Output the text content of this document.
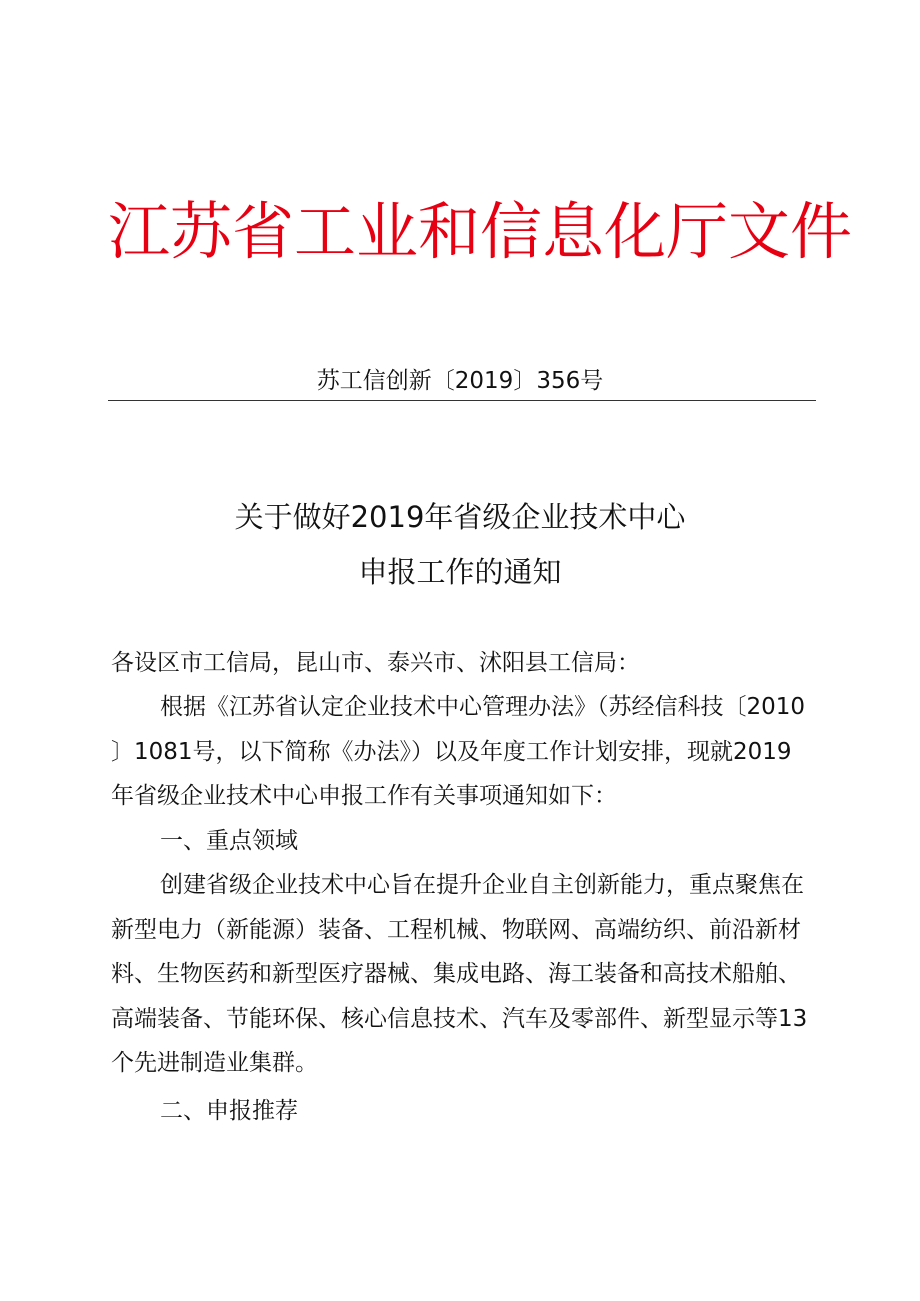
江苏省工业和信息化厅文件
苏工信创新〔2019〕356号
关于做好2019年省级企业技术中心
申报工作的通知
各设区市工信局，昆山市、泰兴市、沭阳县工信局：
根据《江苏省认定企业技术中心管理办法》（苏经信科技〔2010
〕1081号，以下简称《办法》）以及年度工作计划安排，现就2019
年省级企业技术中心申报工作有关事项通知如下：
一、重点领域
创建省级企业技术中心旨在提升企业自主创新能力，重点聚焦在
新型电力（新能源）装备、工程机械、物联网、高端纺织、前沿新材
料、生物医药和新型医疗器械、集成电路、海工装备和高技术船舶、
高端装备、节能环保、核心信息技术、汽车及零部件、新型显示等13
个先进制造业集群。
二、申报推荐
